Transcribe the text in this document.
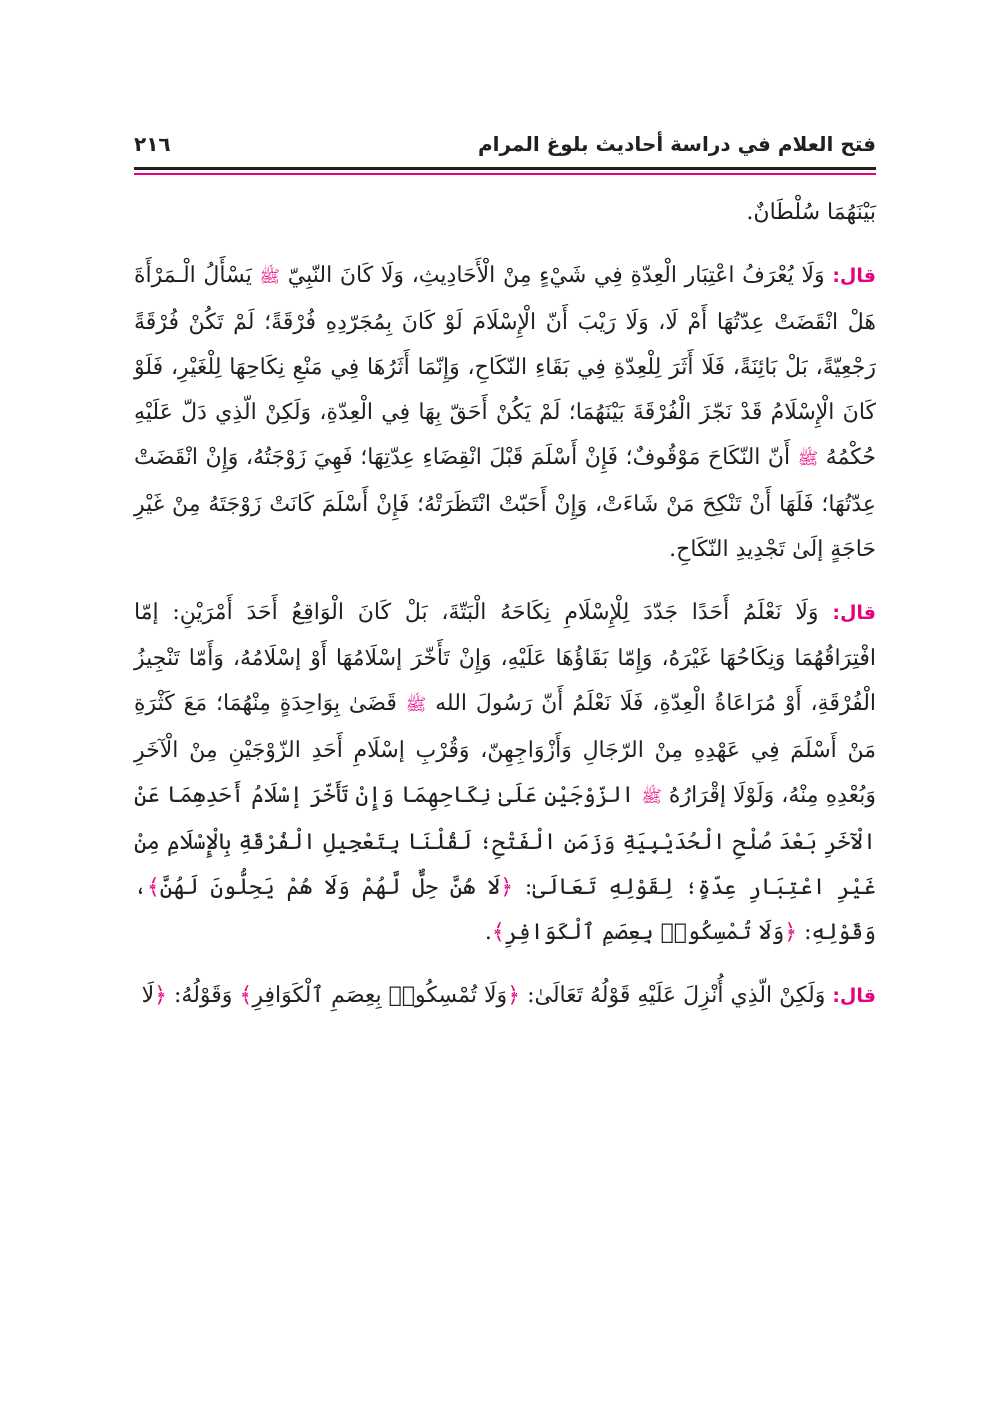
فتح العلام في دراسة أحاديث بلوغ المرام
٢١٦

بَيْنَهُمَا سُلْطَانٌ.

قال: وَلَا يُعْرَفُ اعْتِبَار الْعِدّةِ فِي شَيْءٍ مِنْ الْأَحَادِيثِ، وَلَا كَانَ النّبِيّ ﷺ يَسْأَلُ الْـمَرْأَةَ هَلْ انْقَضَتْ عِدّتُهَا أَمْ لَا، وَلَا رَيْبَ أَنّ الْإِسْلَامَ لَوْ كَانَ بِمُجَرّدِهِ فُرْقَةً؛ لَمْ تَكُنْ فُرْقَةً رَجْعِيّةً، بَلْ بَائِنَةً، فَلَا أَثَرَ لِلْعِدّةِ فِي بَقَاءِ النّكَاحِ، وَإِنّمَا أَثَرُهَا فِي مَنْعِ نِكَاحِهَا لِلْغَيْرِ، فَلَوْ كَانَ الْإِسْلَامُ قَدْ نَجّزَ الْفُرْقَةَ بَيْنَهُمَا؛ لَمْ يَكُنْ أَحَقّ بِهَا فِي الْعِدّةِ، وَلَكِنْ الّذِي دَلّ عَلَيْهِ حُكْمُهُ ﷺ أَنّ النّكَاحَ مَوْقُوفٌ؛ فَإِنْ أَسْلَمَ قَبْلَ انْقِضَاءِ عِدّتِهَا؛ فَهِيَ زَوْجَتُهُ، وَإِنْ انْقَضَتْ عِدّتُهَا؛ فَلَهَا أَنْ تَنْكِحَ مَنْ شَاءَتْ، وَإِنْ أَحَبّتْ انْتَظَرَتْهُ؛ فَإِنْ أَسْلَمَ كَانَتْ زَوْجَتَهُ مِنْ غَيْرِ حَاجَةٍ إلَىٰ تَجْدِيدِ النّكَاحِ.

قال: وَلَا نَعْلَمُ أَحَدًا جَدّدَ لِلْإِسْلَامِ نِكَاحَهُ الْبَتّةَ، بَلْ كَانَ الْوَاقِعُ أَحَدَ أَمْرَيْنِ: إمّا افْتِرَاقُهُمَا وَنِكَاحُهَا غَيْرَهُ، وَإِمّا بَقَاؤُهَا عَلَيْهِ، وَإِنْ تَأَخّرَ إسْلَامُهَا أَوْ إسْلَامُهُ، وَأَمّا تَنْجِيزُ الْفُرْقَةِ، أَوْ مُرَاعَاةُ الْعِدّةِ، فَلَا نَعْلَمُ أَنّ رَسُولَ الله ﷺ قَضَىٰ بِوَاحِدَةٍ مِنْهُمَا؛ مَعَ كَثْرَةِ مَنْ أَسْلَمَ فِي عَهْدِهِ مِنْ الرّجَالِ وَأَزْوَاجِهِنّ، وَقُرْبِ إسْلَامِ أَحَدِ الزّوْجَيْنِ مِنْ الْآخَرِ وَبُعْدِهِ مِنْهُ، وَلَوْلَا إقْرَارُهُ ﷺ الزّوْجَيْنِ عَلَىٰ نِكَاحِهِمَا وَإِنْ تَأَخّرَ إسْلَامُ أَحَدِهِمَا عَنْ الْآخَرِ بَعْدَ صُلْحِ الْحُدَيْبِيَةِ وَزَمَنِ الْفَتْحِ؛ لَقُلْنَا بِتَعْجِيلِ الْفُرْقَةِ بِالْإِسْلَامِ مِنْ غَيْرِ اعْتِبَارِ عِدّةٍ؛ لِقَوْلِهِ تَعَالَىٰ: ﴿لَا هُنَّ حِلٌّ لَّهُمْ وَلَا هُمْ يَحِلُّونَ لَهُنَّ﴾، وَقَوْلِهِ: ﴿وَلَا تُمْسِكُوا۟ بِعِصَمِ ٱلْكَوَافِرِ﴾.

قال: وَلَكِنْ الّذِي أُنْزِلَ عَلَيْهِ قَوْلُهُ تَعَالَىٰ: ﴿وَلَا تُمْسِكُوا۟ بِعِصَمِ ٱلْكَوَافِرِ﴾ وَقَوْلُهُ: ﴿لَا
